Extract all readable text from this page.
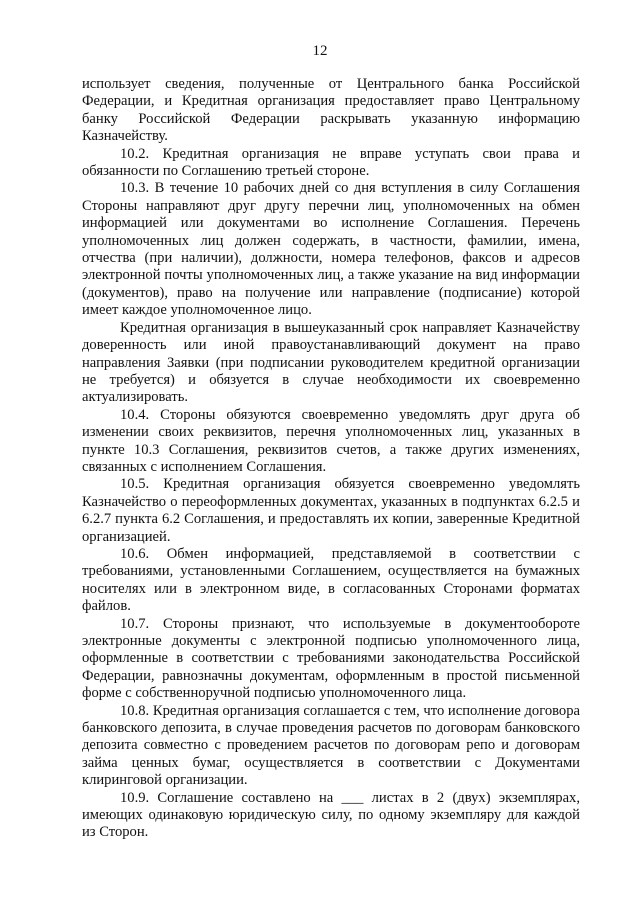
12

использует сведения, полученные от Центрального банка Российской Федерации, и Кредитная организация предоставляет право Центральному банку Российской Федерации раскрывать указанную информацию Казначейству.

10.2. Кредитная организация не вправе уступать свои права и обязанности по Соглашению третьей стороне.

10.3. В течение 10 рабочих дней со дня вступления в силу Соглашения Стороны направляют друг другу перечни лиц, уполномоченных на обмен информацией или документами во исполнение Соглашения. Перечень уполномоченных лиц должен содержать, в частности, фамилии, имена, отчества (при наличии), должности, номера телефонов, факсов и адресов электронной почты уполномоченных лиц, а также указание на вид информации (документов), право на получение или направление (подписание) которой имеет каждое уполномоченное лицо.

Кредитная организация в вышеуказанный срок направляет Казначейству доверенность или иной правоустанавливающий документ на право направления Заявки (при подписании руководителем кредитной организации не требуется) и обязуется в случае необходимости их своевременно актуализировать.

10.4. Стороны обязуются своевременно уведомлять друг друга об изменении своих реквизитов, перечня уполномоченных лиц, указанных в пункте 10.3 Соглашения, реквизитов счетов, а также других изменениях, связанных с исполнением Соглашения.

10.5. Кредитная организация обязуется своевременно уведомлять Казначейство о переоформленных документах, указанных в подпунктах 6.2.5 и 6.2.7 пункта 6.2 Соглашения, и предоставлять их копии, заверенные Кредитной организацией.

10.6. Обмен информацией, представляемой в соответствии с требованиями, установленными Соглашением, осуществляется на бумажных носителях или в электронном виде, в согласованных Сторонами форматах файлов.

10.7. Стороны признают, что используемые в документообороте электронные документы с электронной подписью уполномоченного лица, оформленные в соответствии с требованиями законодательства Российской Федерации, равнозначны документам, оформленным в простой письменной форме с собственноручной подписью уполномоченного лица.

10.8. Кредитная организация соглашается с тем, что исполнение договора банковского депозита, в случае проведения расчетов по договорам банковского депозита совместно с проведением расчетов по договорам репо и договорам займа ценных бумаг, осуществляется в соответствии с Документами клиринговой организации.

10.9. Соглашение составлено на ___ листах в 2 (двух) экземплярах, имеющих одинаковую юридическую силу, по одному экземпляру для каждой из Сторон.
